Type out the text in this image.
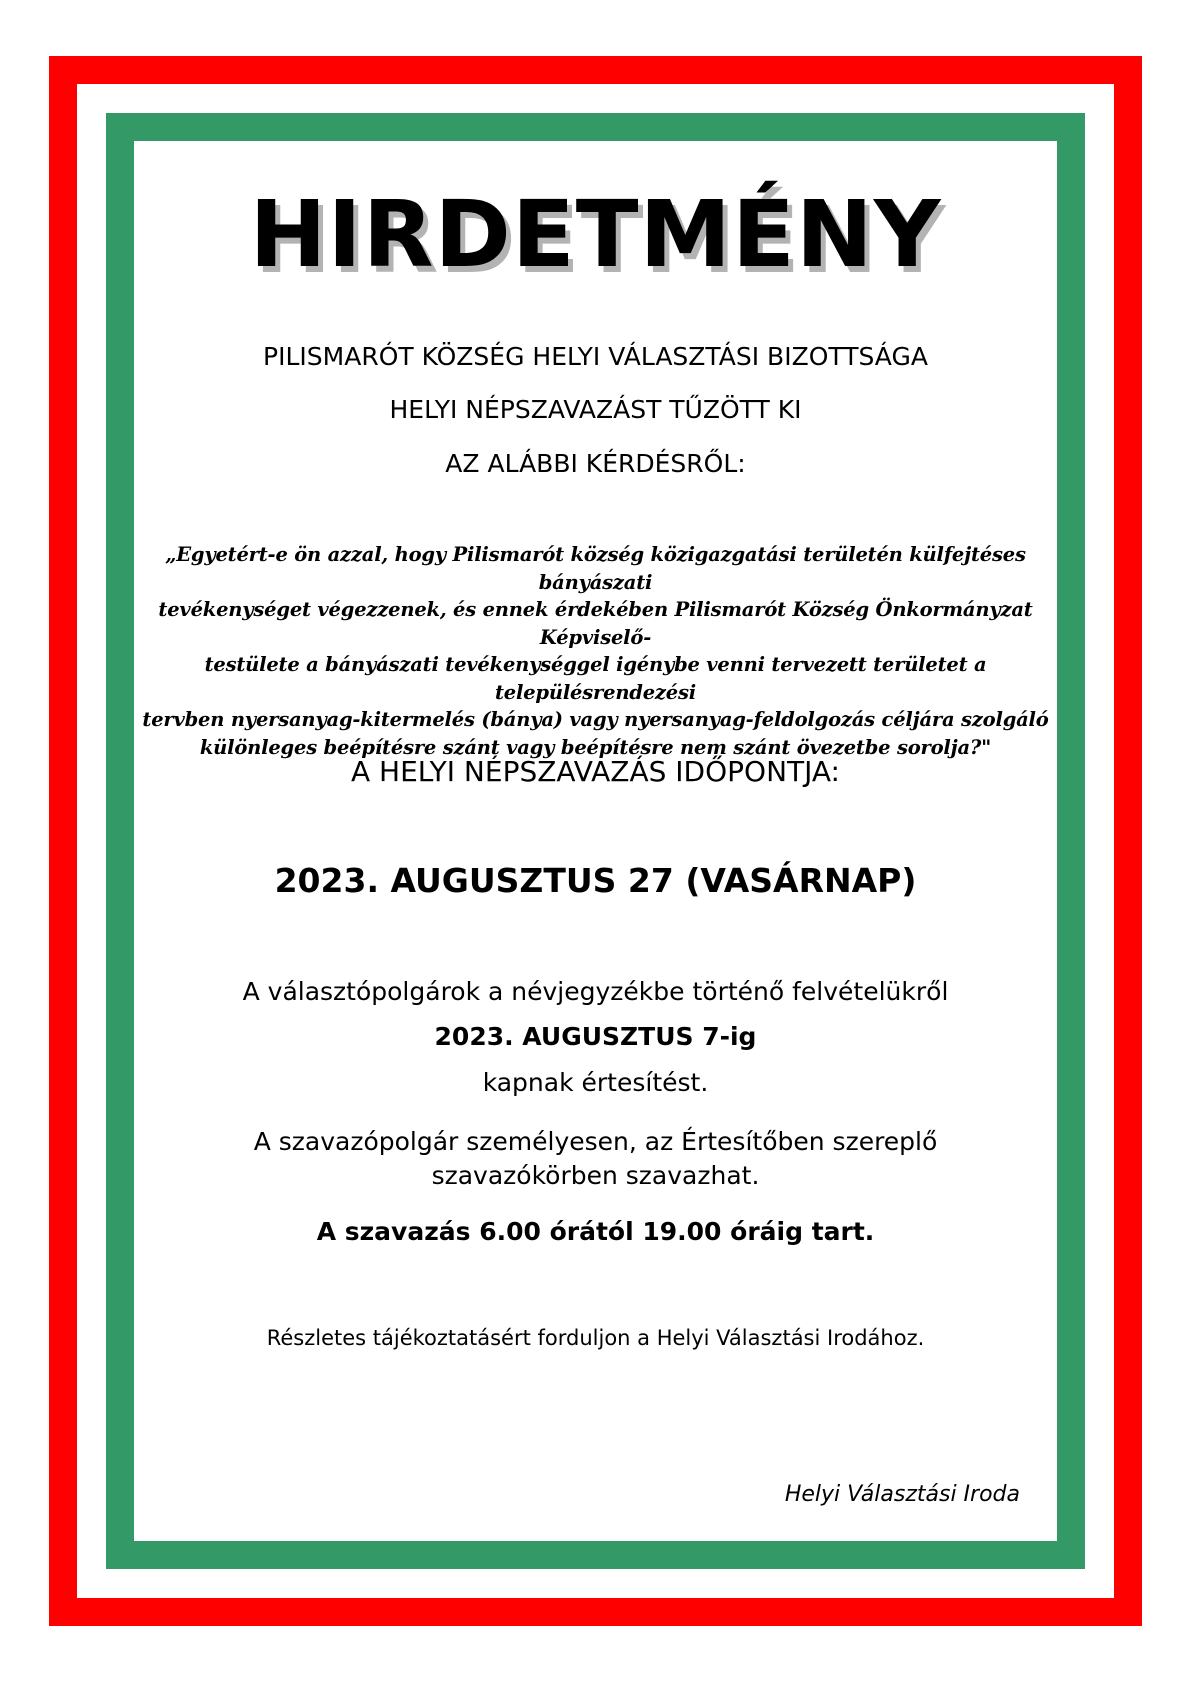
HIRDETMÉNY
PILISMARÓT KÖZSÉG HELYI VÁLASZTÁSI BIZOTTSÁGA
HELYI NÉPSZAVAZÁST TŰZÖTT KI
AZ ALÁBBI KÉRDÉSRŐL:
„Egyetért-e ön azzal, hogy Pilismarót község közigazgatási területén külfejtéses bányászati
tevékenységet végezzenek, és ennek érdekében Pilismarót Község Önkormányzat Képviselő-
testülete a bányászati tevékenységgel igénybe venni tervezett területet a településrendezési
tervben nyersanyag-kitermelés (bánya) vagy nyersanyag-feldolgozás céljára szolgáló
különleges beépítésre szánt vagy beépítésre nem szánt övezetbe sorolja?"
A HELYI NÉPSZAVAZÁS IDŐPONTJA:
2023. AUGUSZTUS 27 (VASÁRNAP)
A választópolgárok a névjegyzékbe történő felvételükről
2023. AUGUSZTUS 7-ig
kapnak értesítést.
A szavazópolgár személyesen, az Értesítőben szereplő
szavazókörben szavazhat.
A szavazás 6.00 órától 19.00 óráig tart.
Részletes tájékoztatásért forduljon a Helyi Választási Irodához.
Helyi Választási Iroda
